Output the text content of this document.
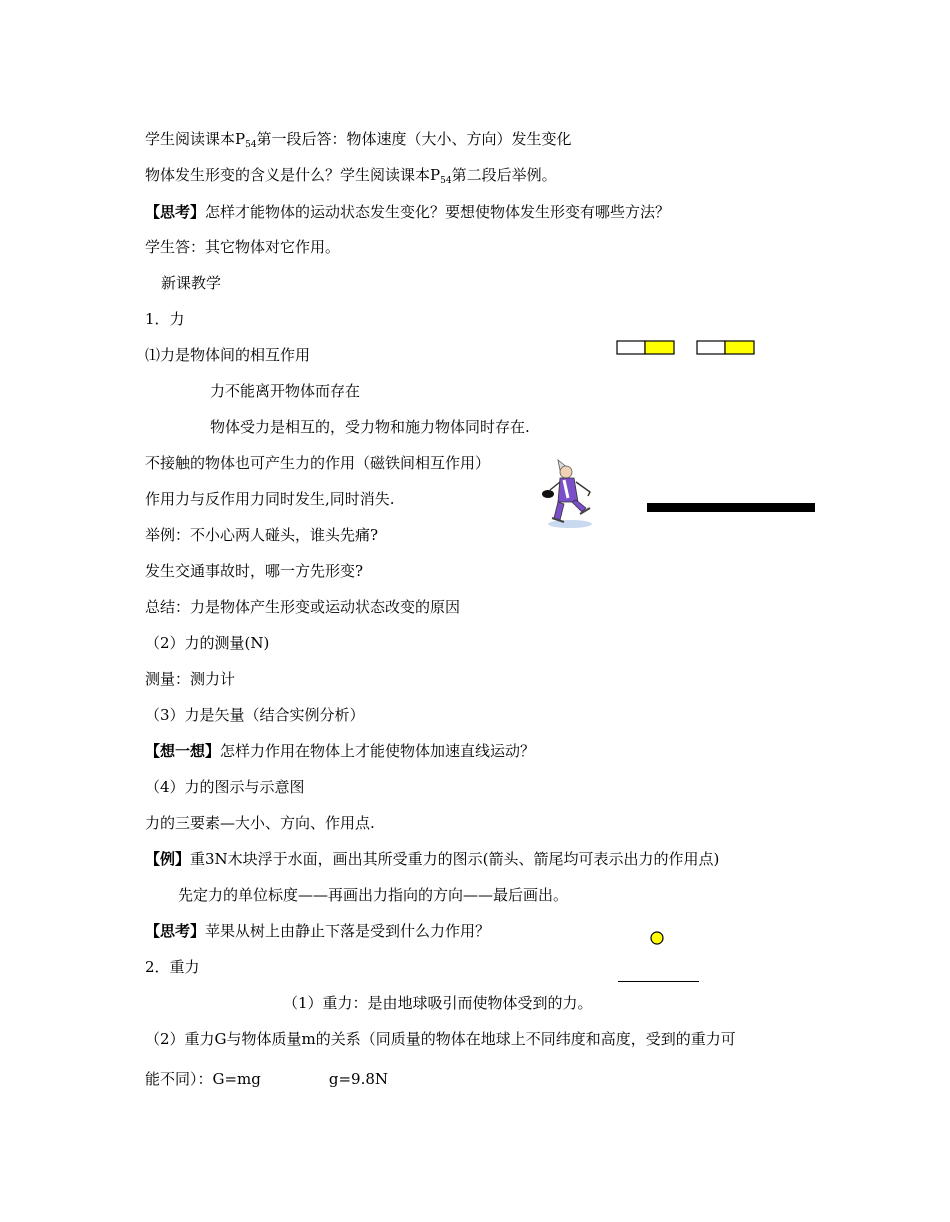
学生阅读课本$P_{54}$第一段后答：物体速度（大小、方向）发生变化

物体发生形变的含义是什么？学生阅读课本$P_{54}$第二段后举例。

【思考】怎样才能物体的运动状态发生变化？要想使物体发生形变有哪些方法？

学生答：其它物体对它作用。

新课教学

1．力

⑴力是物体间的相互作用

力不能离开物体而存在

物体受力是相互的，受力物和施力物体同时存在.

不接触的物体也可产生力的作用（磁铁间相互作用）

作用力与反作用力同时发生,同时消失.

举例：不小心两人碰头，谁头先痛?

发生交通事故时，哪一方先形变?

总结：力是物体产生形变或运动状态改变的原因

（2）力的测量(N)

测量：测力计

（3）力是矢量（结合实例分析）

【想一想】怎样力作用在物体上才能使物体加速直线运动？

（4）力的图示与示意图

力的三要素—大小、方向、作用点.

【例】重3N木块浮于水面，画出其所受重力的图示(箭头、箭尾均可表示出力的作用点)

先定力的单位标度——再画出力指向的方向——最后画出。

【思考】苹果从树上由静止下落是受到什么力作用？

2．重力

（1）重力：是由地球吸引而使物体受到的力。

（2）重力G与物体质量m的关系（同质量的物体在地球上不同纬度和高度，受到的重力可

能不同）：G=mg	g=9.8N
